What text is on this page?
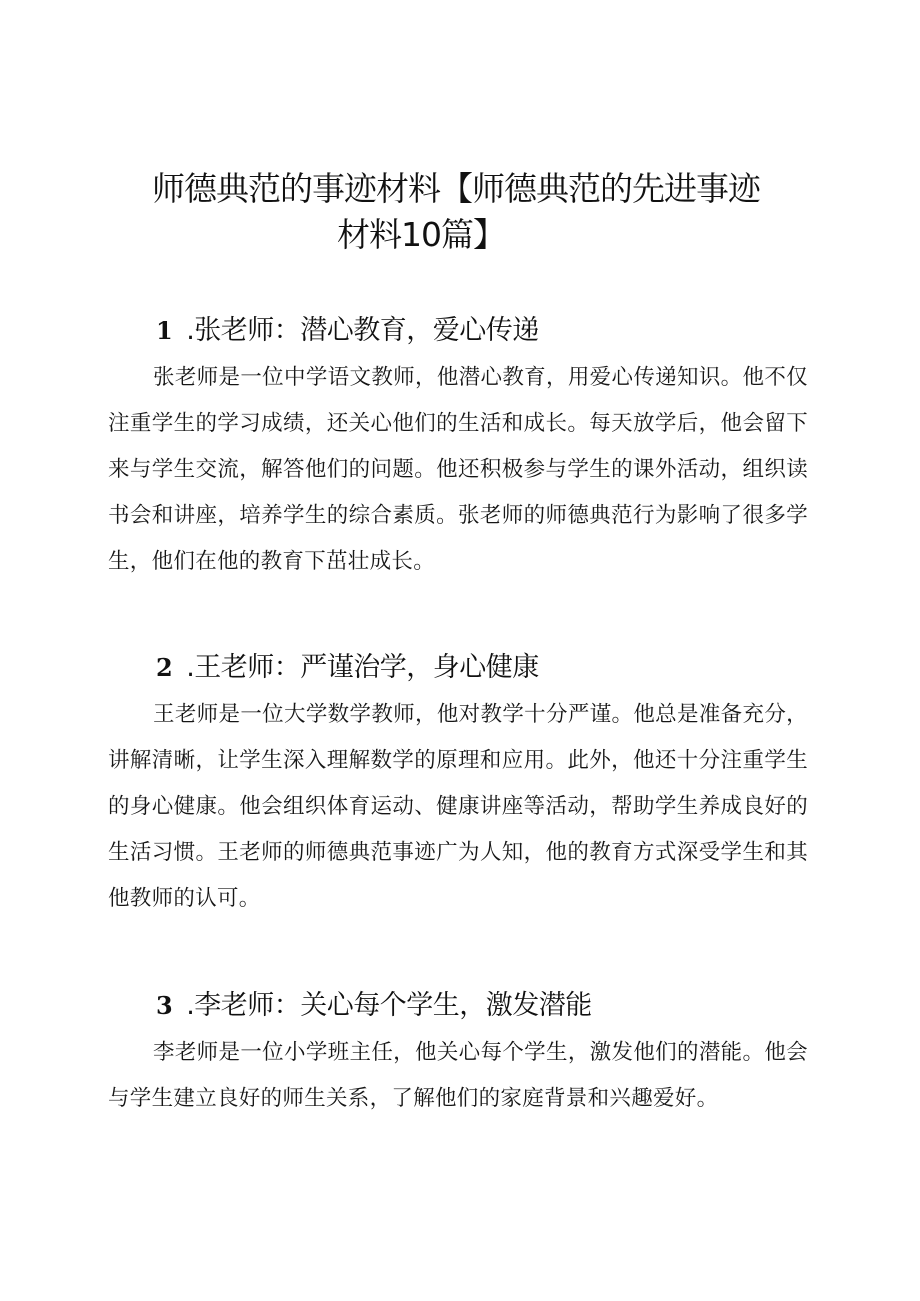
师德典范的事迹材料【师德典范的先进事迹
材料10篇】
1 .张老师：潜心教育，爱心传递

张老师是一位中学语文教师，他潜心教育，用爱心传递知识。他不仅注重学生的学习成绩，还关心他们的生活和成长。每天放学后，他会留下来与学生交流，解答他们的问题。他还积极参与学生的课外活动，组织读书会和讲座，培养学生的综合素质。张老师的师德典范行为影响了很多学生，他们在他的教育下茁壮成长。

2 .王老师：严谨治学，身心健康

王老师是一位大学数学教师，他对教学十分严谨。他总是准备充分，讲解清晰，让学生深入理解数学的原理和应用。此外，他还十分注重学生的身心健康。他会组织体育运动、健康讲座等活动，帮助学生养成良好的生活习惯。王老师的师德典范事迹广为人知，他的教育方式深受学生和其他教师的认可。

3 .李老师：关心每个学生，激发潜能

李老师是一位小学班主任，他关心每个学生，激发他们的潜能。他会与学生建立良好的师生关系，了解他们的家庭背景和兴趣爱好。
